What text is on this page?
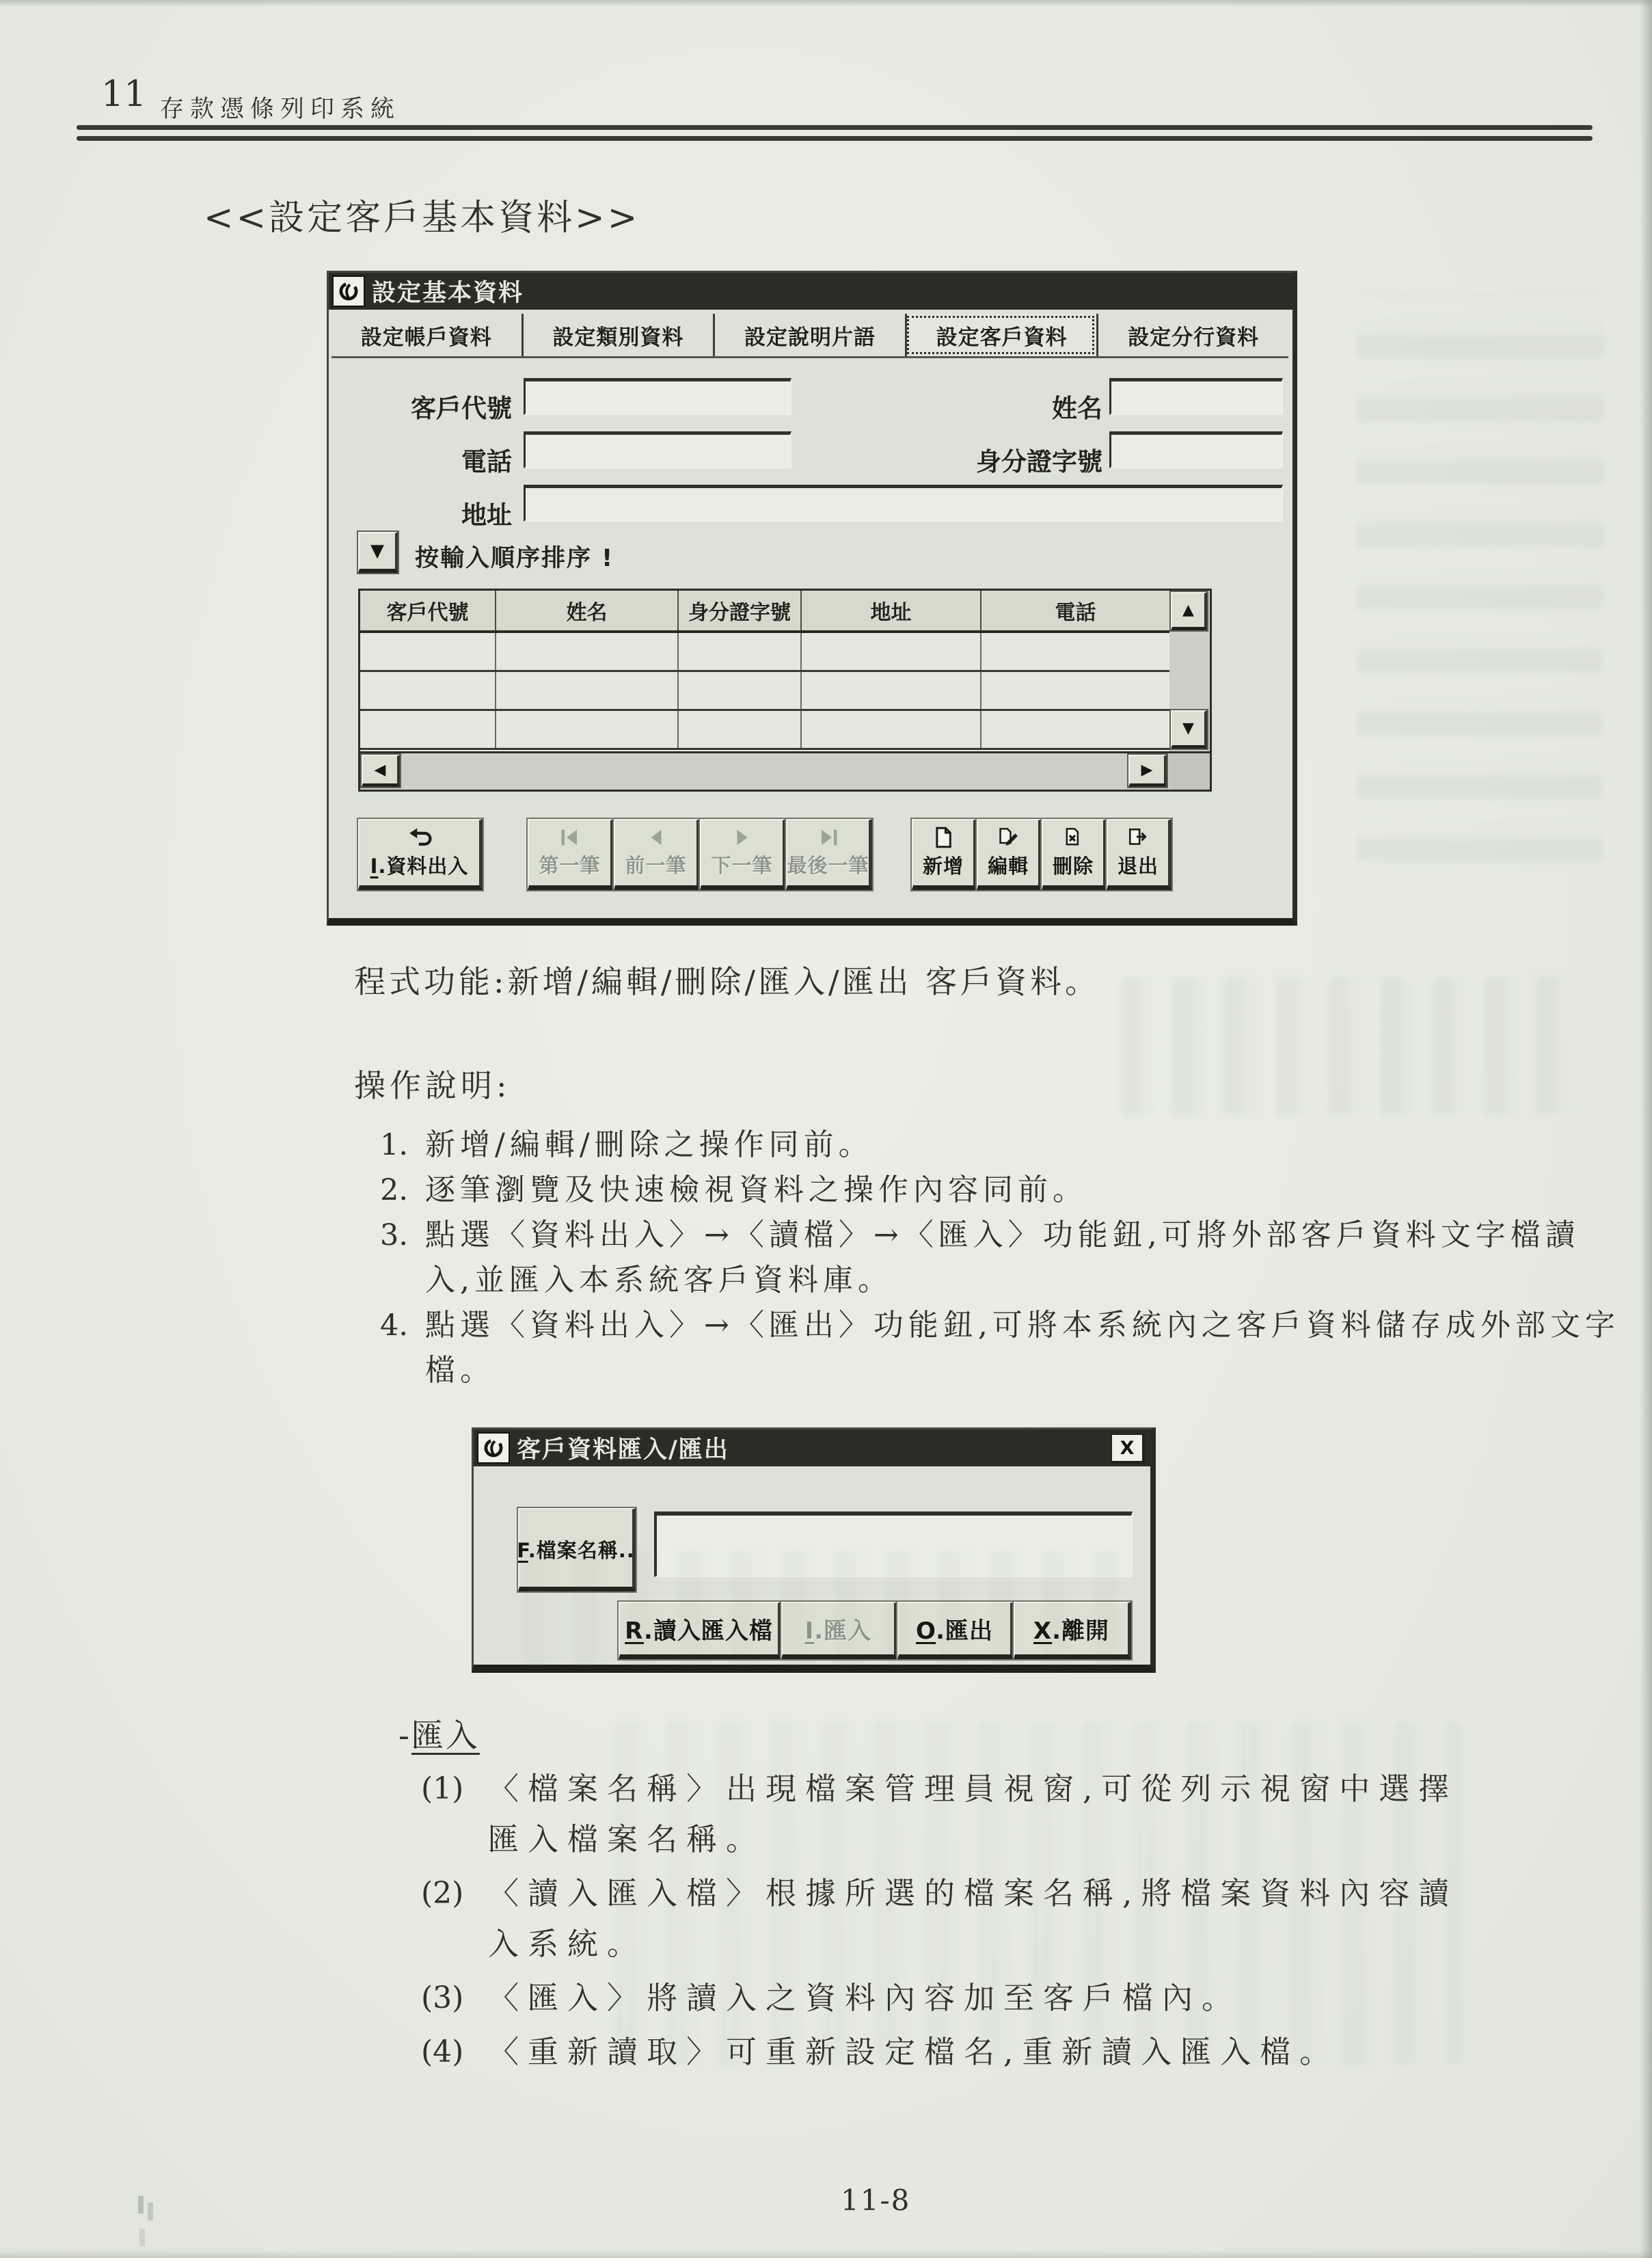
11 存款憑條列印系統
<<設定客戶基本資料>>
設定基本資料
設定帳戶資料	設定類別資料	設定說明片語	設定客戶資料	設定分行資料
客戶代號	姓名
電話	身分證字號
地址
▼ 按輸入順序排序 !
客戶代號	姓名	身分證字號	地址	電話	▲
▼
◀	▶
I.資料出入	第一筆 前一筆 下一筆 最後一筆	新增 編輯 刪除 退出
程式功能:新增/編輯/刪除/匯入/匯出 客戶資料。
操作說明:
1. 新增/編輯/刪除之操作同前。
2. 逐筆瀏覽及快速檢視資料之操作內容同前。
3. 點選〈資料出入〉→〈讀檔〉→〈匯入〉功能鈕,可將外部客戶資料文字檔讀入,並匯入本系統客戶資料庫。
4. 點選〈資料出入〉→〈匯出〉功能鈕,可將本系統內之客戶資料儲存成外部文字檔。
客戶資料匯入/匯出	X
F.檔案名稱..
R.讀入匯入檔 I.匯入 O.匯出 X.離開
-匯入
(1) 〈檔案名稱〉出現檔案管理員視窗,可從列示視窗中選擇匯入檔案名稱。
(2) 〈讀入匯入檔〉根據所選的檔案名稱,將檔案資料內容讀入系統。
(3) 〈匯入〉將讀入之資料內容加至客戶檔內。
(4) 〈重新讀取〉可重新設定檔名,重新讀入匯入檔。
11-8
